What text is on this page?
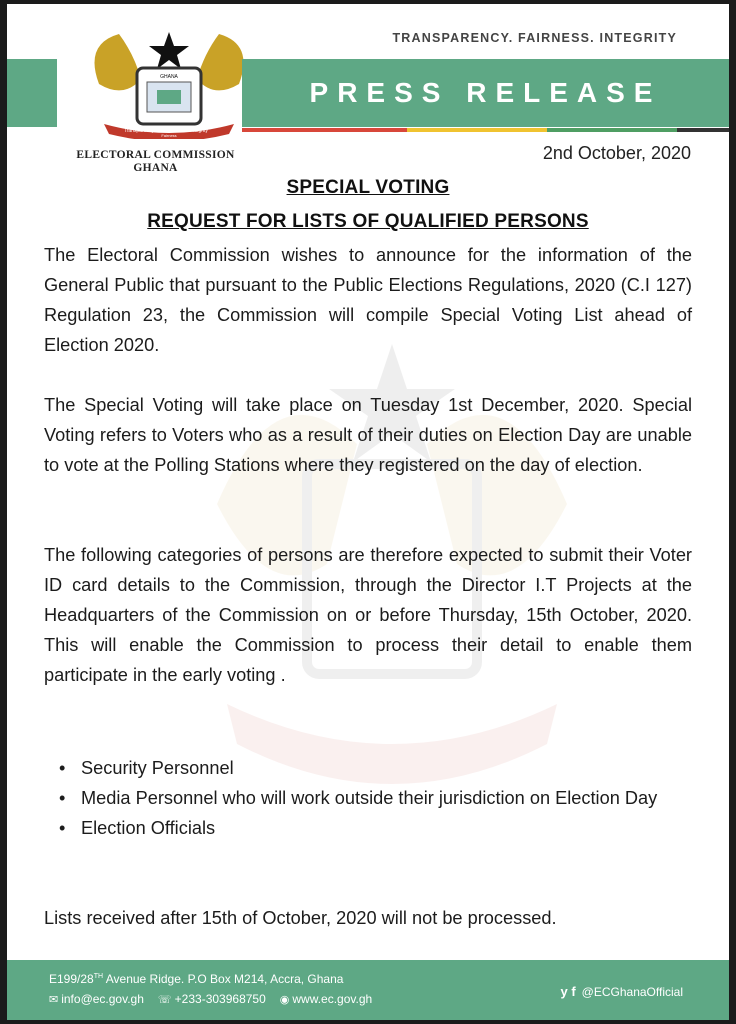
GHANA
Transparency	Integrity
Fairness
ELECTORAL COMMISSION
GHANA
TRANSPARENCY. FAIRNESS. INTEGRITY
PRESS RELEASE
2nd October, 2020
SPECIAL VOTING
REQUEST FOR LISTS OF QUALIFIED PERSONS
The Electoral Commission wishes to announce for the information of the General Public that pursuant to the Public Elections Regulations, 2020 (C.I 127) Regulation 23, the Commission will compile Special Voting List ahead of Election 2020.
The Special Voting will take place on Tuesday 1st December, 2020. Special Voting refers to Voters who as a result of their duties on Election Day are unable to vote at the Polling Stations where they registered on the day of election.
The following categories of persons are therefore expected to submit their Voter ID card details to the Commission, through the Director I.T Projects at the Headquarters of the Commission on or before Thursday, 15th October, 2020. This will enable the Commission to process their detail to enable them participate in the early voting .
• Security Personnel
• Media Personnel who will work outside their jurisdiction on Election Day
• Election Officials
Lists received after 15th of October, 2020 will not be processed.
E199/28TH Avenue Ridge. P.O Box M214, Accra, Ghana
✉ info@ec.gov.gh ☏ +233-303968750 ◉ www.ec.gov.gh	y f @ECGhanaOfficial
